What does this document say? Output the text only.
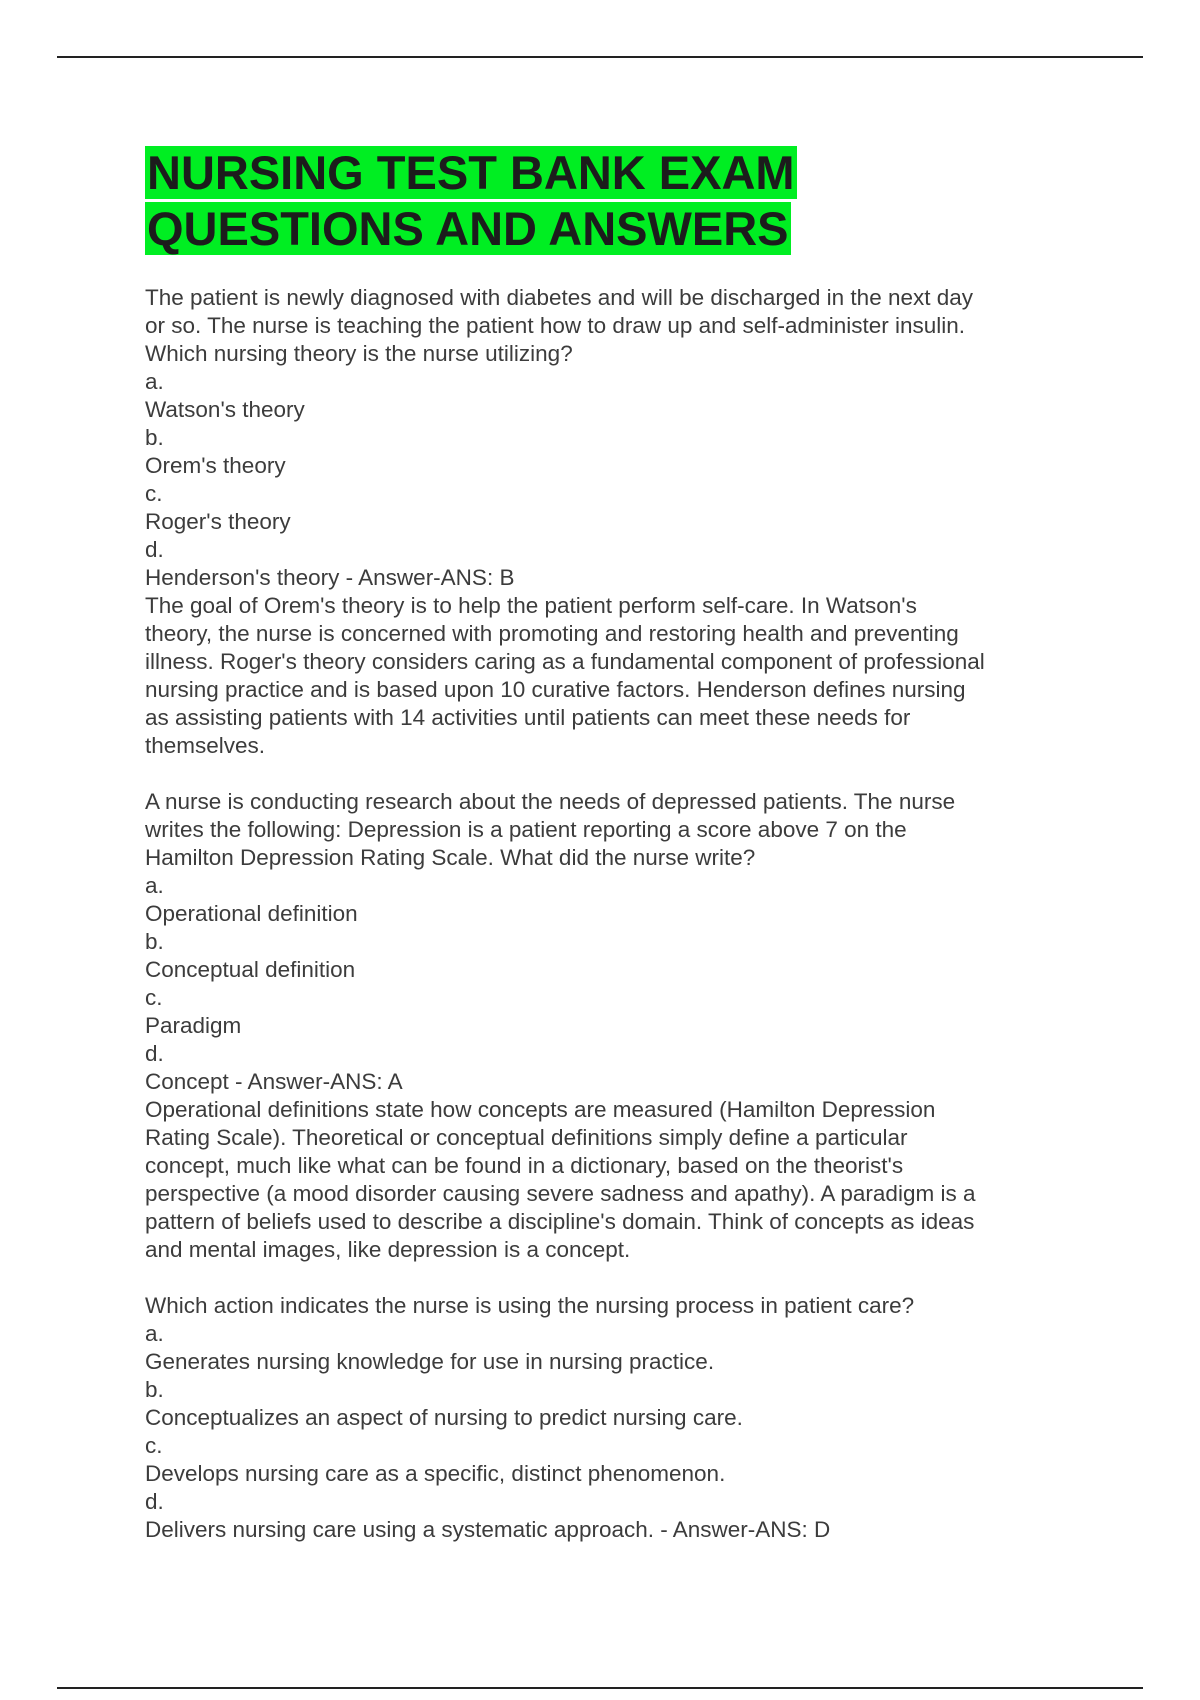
NURSING TEST BANK EXAM
QUESTIONS AND ANSWERS
The patient is newly diagnosed with diabetes and will be discharged in the next day
or so. The nurse is teaching the patient how to draw up and self-administer insulin.
Which nursing theory is the nurse utilizing?
a.
Watson's theory
b.
Orem's theory
c.
Roger's theory
d.
Henderson's theory - Answer-ANS: B
The goal of Orem's theory is to help the patient perform self-care. In Watson's
theory, the nurse is concerned with promoting and restoring health and preventing
illness. Roger's theory considers caring as a fundamental component of professional
nursing practice and is based upon 10 curative factors. Henderson defines nursing
as assisting patients with 14 activities until patients can meet these needs for
themselves.
A nurse is conducting research about the needs of depressed patients. The nurse
writes the following: Depression is a patient reporting a score above 7 on the
Hamilton Depression Rating Scale. What did the nurse write?
a.
Operational definition
b.
Conceptual definition
c.
Paradigm
d.
Concept - Answer-ANS: A
Operational definitions state how concepts are measured (Hamilton Depression
Rating Scale). Theoretical or conceptual definitions simply define a particular
concept, much like what can be found in a dictionary, based on the theorist's
perspective (a mood disorder causing severe sadness and apathy). A paradigm is a
pattern of beliefs used to describe a discipline's domain. Think of concepts as ideas
and mental images, like depression is a concept.
Which action indicates the nurse is using the nursing process in patient care?
a.
Generates nursing knowledge for use in nursing practice.
b.
Conceptualizes an aspect of nursing to predict nursing care.
c.
Develops nursing care as a specific, distinct phenomenon.
d.
Delivers nursing care using a systematic approach. - Answer-ANS: D
